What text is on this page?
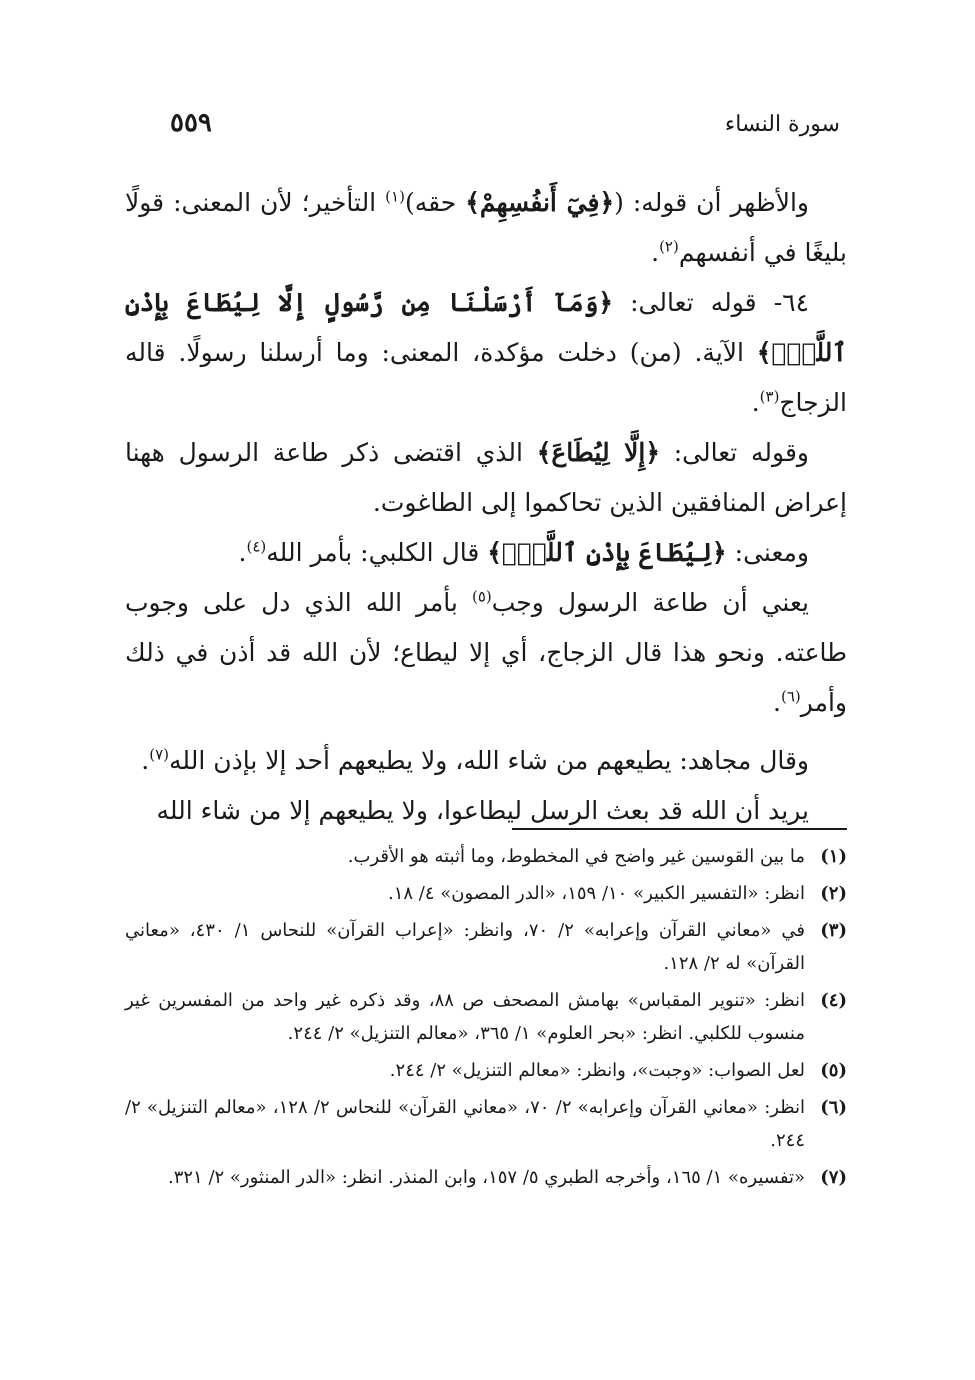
سورة النساء
٥٥٩

والأظهر أن قوله: (﴿فِيٓ أَنفُسِهِمْ﴾ حقه)$^{(١)}$ التأخير؛ لأن المعنى: قولًا بليغًا في أنفسهم$^{(٢)}$.

٦٤- قوله تعالى: ﴿وَمَآ أَرْسَلْنَا مِن رَّسُولٍ إِلَّا لِيُطَاعَ بِإِذْنِ ٱللَّهِۚ﴾ الآية. (من) دخلت مؤكدة، المعنى: وما أرسلنا رسولًا. قاله الزجاج$^{(٣)}$.

وقوله تعالى: ﴿إِلَّا لِيُطَاعَ﴾ الذي اقتضى ذكر طاعة الرسول ههنا إعراض المنافقين الذين تحاكموا إلى الطاغوت.

ومعنى: ﴿لِيُطَاعَ بِإِذْنِ ٱللَّهِۚ﴾ قال الكلبي: بأمر الله$^{(٤)}$.

يعني أن طاعة الرسول وجب$^{(٥)}$ بأمر الله الذي دل على وجوب طاعته. ونحو هذا قال الزجاج، أي إلا ليطاع؛ لأن الله قد أذن في ذلك وأمر$^{(٦)}$.

وقال مجاهد: يطيعهم من شاء الله، ولا يطيعهم أحد إلا بإذن الله$^{(٧)}$.

يريد أن الله قد بعث الرسل ليطاعوا، ولا يطيعهم إلا من شاء الله

(١)
ما بين القوسين غير واضح في المخطوط، وما أثبته هو الأقرب.
(٢)
انظر: «التفسير الكبير» ١٠/ ١٥٩، «الدر المصون» ٤/ ١٨.
(٣)
في «معاني القرآن وإعرابه» ٢/ ٧٠، وانظر: «إعراب القرآن» للنحاس ١/ ٤٣٠، «معاني القرآن» له ٢/ ١٢٨.
(٤)
انظر: «تنوير المقباس» بهامش المصحف ص ٨٨، وقد ذكره غير واحد من المفسرين غير منسوب للكلبي. انظر: «بحر العلوم» ١/ ٣٦٥، «معالم التنزيل» ٢/ ٢٤٤.
(٥)
لعل الصواب: «وجبت»، وانظر: «معالم التنزيل» ٢/ ٢٤٤.
(٦)
انظر: «معاني القرآن وإعرابه» ٢/ ٧٠، «معاني القرآن» للنحاس ٢/ ١٢٨، «معالم التنزيل» ٢/ ٢٤٤.
(٧)
«تفسيره» ١/ ١٦٥، وأخرجه الطبري ٥/ ١٥٧، وابن المنذر. انظر: «الدر المنثور» ٢/ ٣٢١.
